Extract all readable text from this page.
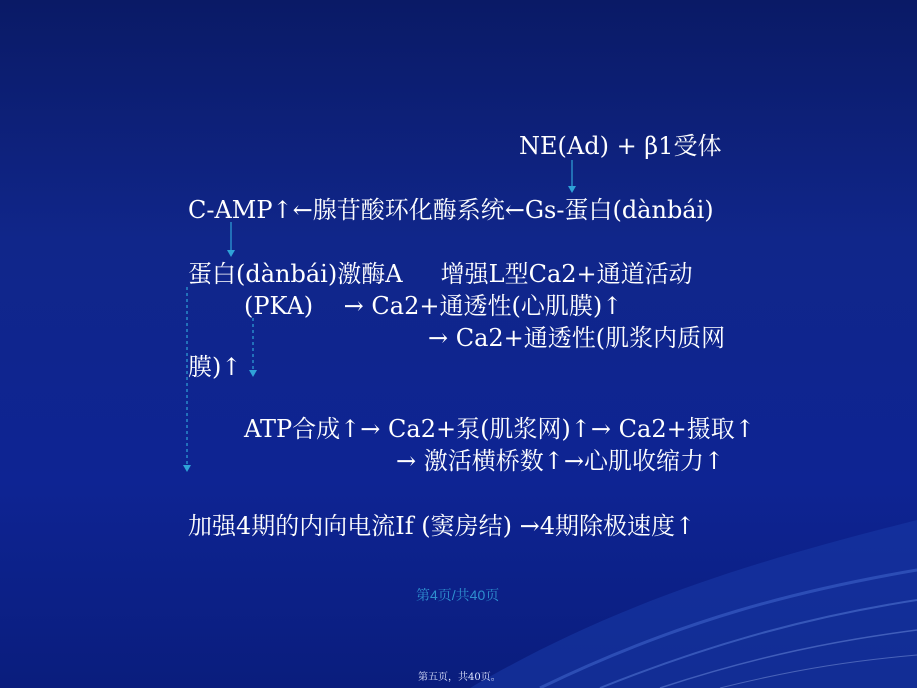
NE(Ad) + β1受体
C-AMP↑←腺苷酸环化酶系统←Gs-蛋白(dànbái)
蛋白(dànbái)激酶A     增强L型Ca2+通道活动
(PKA)    → Ca2+通透性(心肌膜)↑
→ Ca2+通透性(肌浆内质网
膜)↑
ATP合成↑→ Ca2+泵(肌浆网)↑→ Ca2+摄取↑
→ 激活横桥数↑→心肌收缩力↑
加强4期的内向电流If (窦房结) →4期除极速度↑
第4页/共40页
第五页，共40页。
